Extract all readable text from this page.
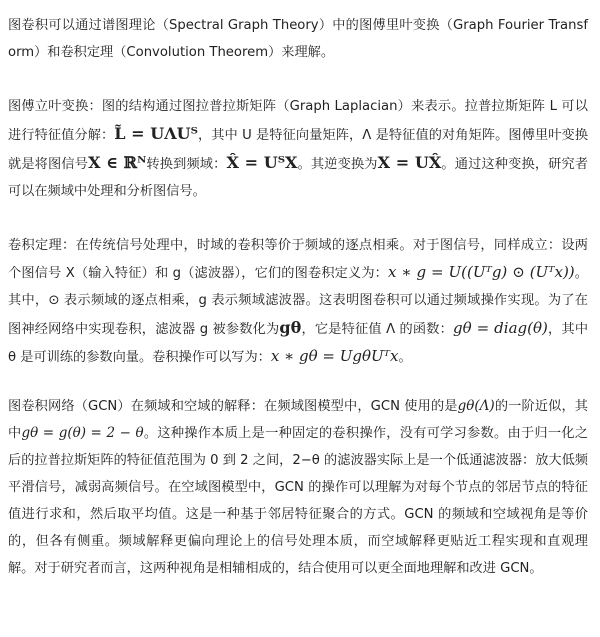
图卷积可以通过谱图理论（Spectral Graph Theory）中的图傅里叶变换（Graph Fourier Transform）和卷积定理（Convolution Theorem）来理解。

图傅立叶变换：图的结构通过图拉普拉斯矩阵（Graph Laplacian）来表示。拉普拉斯矩阵 L 可以进行特征值分解：L̃ = UΛUᵀ，其中 U 是特征向量矩阵，Λ 是特征值的对角矩阵。图傅里叶变换就是将图信号X ∈ ℝᴺ转换到频域：X̂ = UᵀX。其逆变换为X = UX̂。通过这种变换，研究者可以在频域中处理和分析图信号。

卷积定理：在传统信号处理中，时域的卷积等价于频域的逐点相乘。对于图信号，同样成立：设两个图信号 X（输入特征）和 g（滤波器），它们的图卷积定义为：x ∗ g = U((Uᵀg) ⊙ (Uᵀx))。其中，⊙ 表示频域的逐点相乘，g 表示频域滤波器。这表明图卷积可以通过频域操作实现。为了在图神经网络中实现卷积，滤波器 g 被参数化为gθ，它是特征值 Λ 的函数：gθ = diag(θ)，其中 θ 是可训练的参数向量。卷积操作可以写为：x ∗ gθ = UgθUᵀx。

图卷积网络（GCN）在频域和空域的解释：在频域图模型中，GCN 使用的是gθ(Λ)的一阶近似，其中gθ = g(θ) = 2 − θ。这种操作本质上是一种固定的卷积操作，没有可学习参数。由于归一化之后的拉普拉斯矩阵的特征值范围为 0 到 2 之间，2−θ 的滤波器实际上是一个低通滤波器：放大低频平滑信号，减弱高频信号。在空域图模型中，GCN 的操作可以理解为对每个节点的邻居节点的特征值进行求和，然后取平均值。这是一种基于邻居特征聚合的方式。GCN 的频域和空域视角是等价的，但各有侧重。频域解释更偏向理论上的信号处理本质，而空域解释更贴近工程实现和直观理解。对于研究者而言，这两种视角是相辅相成的，结合使用可以更全面地理解和改进 GCN。
